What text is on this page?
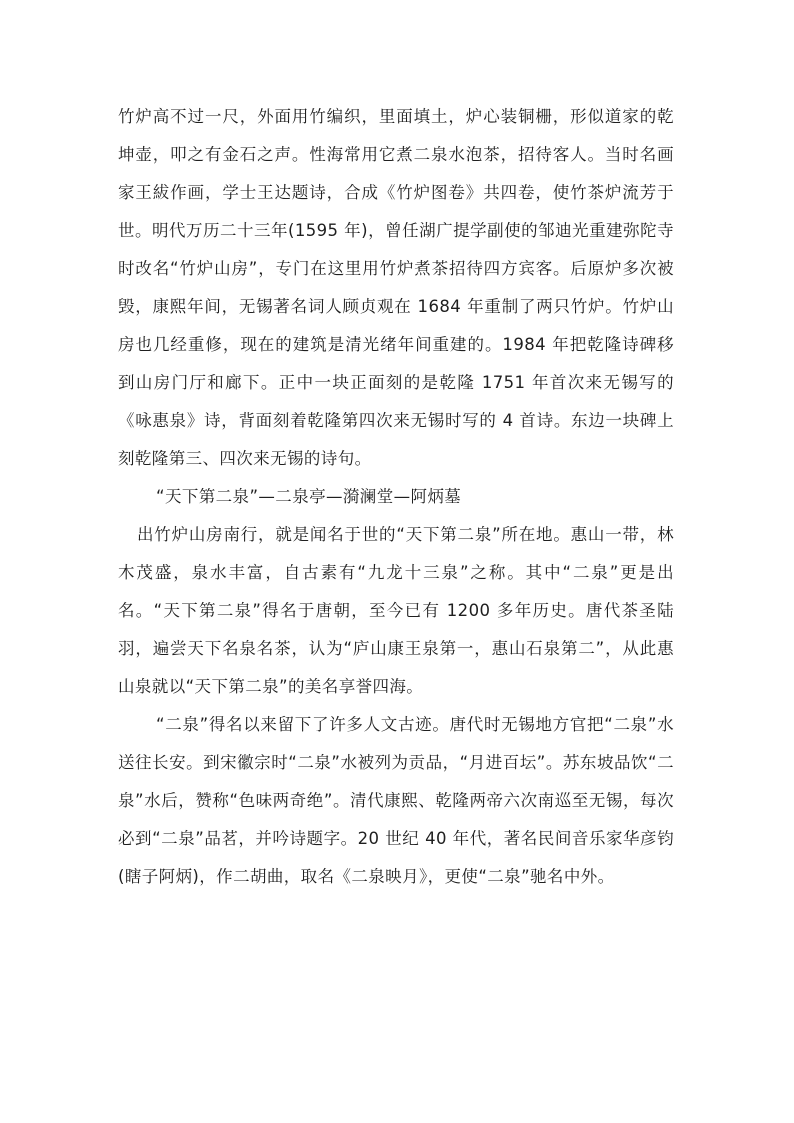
竹炉高不过一尺，外面用竹编织，里面填土，炉心装铜栅，形似道家的乾坤壶，叩之有金石之声。性海常用它煮二泉水泡茶，招待客人。当时名画家王紱作画，学士王达题诗，合成《竹炉图卷》共四卷，使竹茶炉流芳于世。明代万历二十三年(1595 年)，曾任湖广提学副使的邹迪光重建弥陀寺时改名“竹炉山房”，专门在这里用竹炉煮茶招待四方宾客。后原炉多次被毁，康熙年间，无锡著名词人顾贞观在 1684 年重制了两只竹炉。竹炉山房也几经重修，现在的建筑是清光绪年间重建的。1984 年把乾隆诗碑移到山房门厅和廊下。正中一块正面刻的是乾隆 1751 年首次来无锡写的《咏惠泉》诗，背面刻着乾隆第四次来无锡时写的 4 首诗。东边一块碑上刻乾隆第三、四次来无锡的诗句。

“天下第二泉”—二泉亭—漪澜堂—阿炳墓

出竹炉山房南行，就是闻名于世的“天下第二泉”所在地。惠山一带，林木茂盛，泉水丰富，自古素有“九龙十三泉”之称。其中“二泉”更是出名。“天下第二泉”得名于唐朝，至今已有 1200 多年历史。唐代茶圣陆羽，遍尝天下名泉名茶，认为“庐山康王泉第一，惠山石泉第二”，从此惠山泉就以“天下第二泉”的美名享誉四海。

“二泉”得名以来留下了许多人文古迹。唐代时无锡地方官把“二泉”水送往长安。到宋徽宗时“二泉”水被列为贡品，“月进百坛”。苏东坡品饮“二泉”水后，赞称“色味两奇绝”。清代康熙、乾隆两帝六次南巡至无锡，每次必到“二泉”品茗，并吟诗题字。20 世纪 40 年代，著名民间音乐家华彦钧(瞎子阿炳)，作二胡曲，取名《二泉映月》，更使“二泉”驰名中外。
